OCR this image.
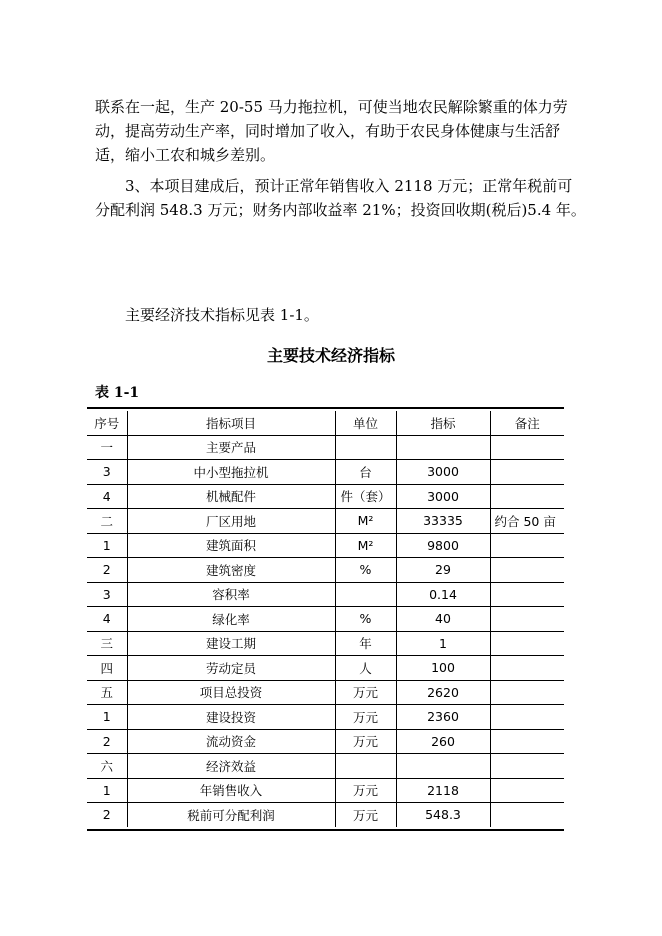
联系在一起，生产 20-55 马力拖拉机，可使当地农民解除繁重的体力劳
动，提高劳动生产率，同时增加了收入，有助于农民身体健康与生活舒
适，缩小工农和城乡差别。
3、本项目建成后，预计正常年销售收入 2118 万元；正常年税前可
分配利润 548.3 万元；财务内部收益率 21%；投资回收期(税后)5.4 年。
主要经济技术指标见表 1-1。
主要技术经济指标
表 1-1
序号	指标项目	单位	指标	备注
一	主要产品			
3	中小型拖拉机	台	3000	
4	机械配件	件（套）	3000	
二	厂区用地	M²	33335	约合 50 亩
1	建筑面积	M²	9800	
2	建筑密度	%	29	
3	容积率		0.14	
4	绿化率	%	40	
三	建设工期	年	1	
四	劳动定员	人	100	
五	项目总投资	万元	2620	
1	建设投资	万元	2360	
2	流动资金	万元	260	
六	经济效益			
1	年销售收入	万元	2118	
2	税前可分配利润	万元	548.3	
